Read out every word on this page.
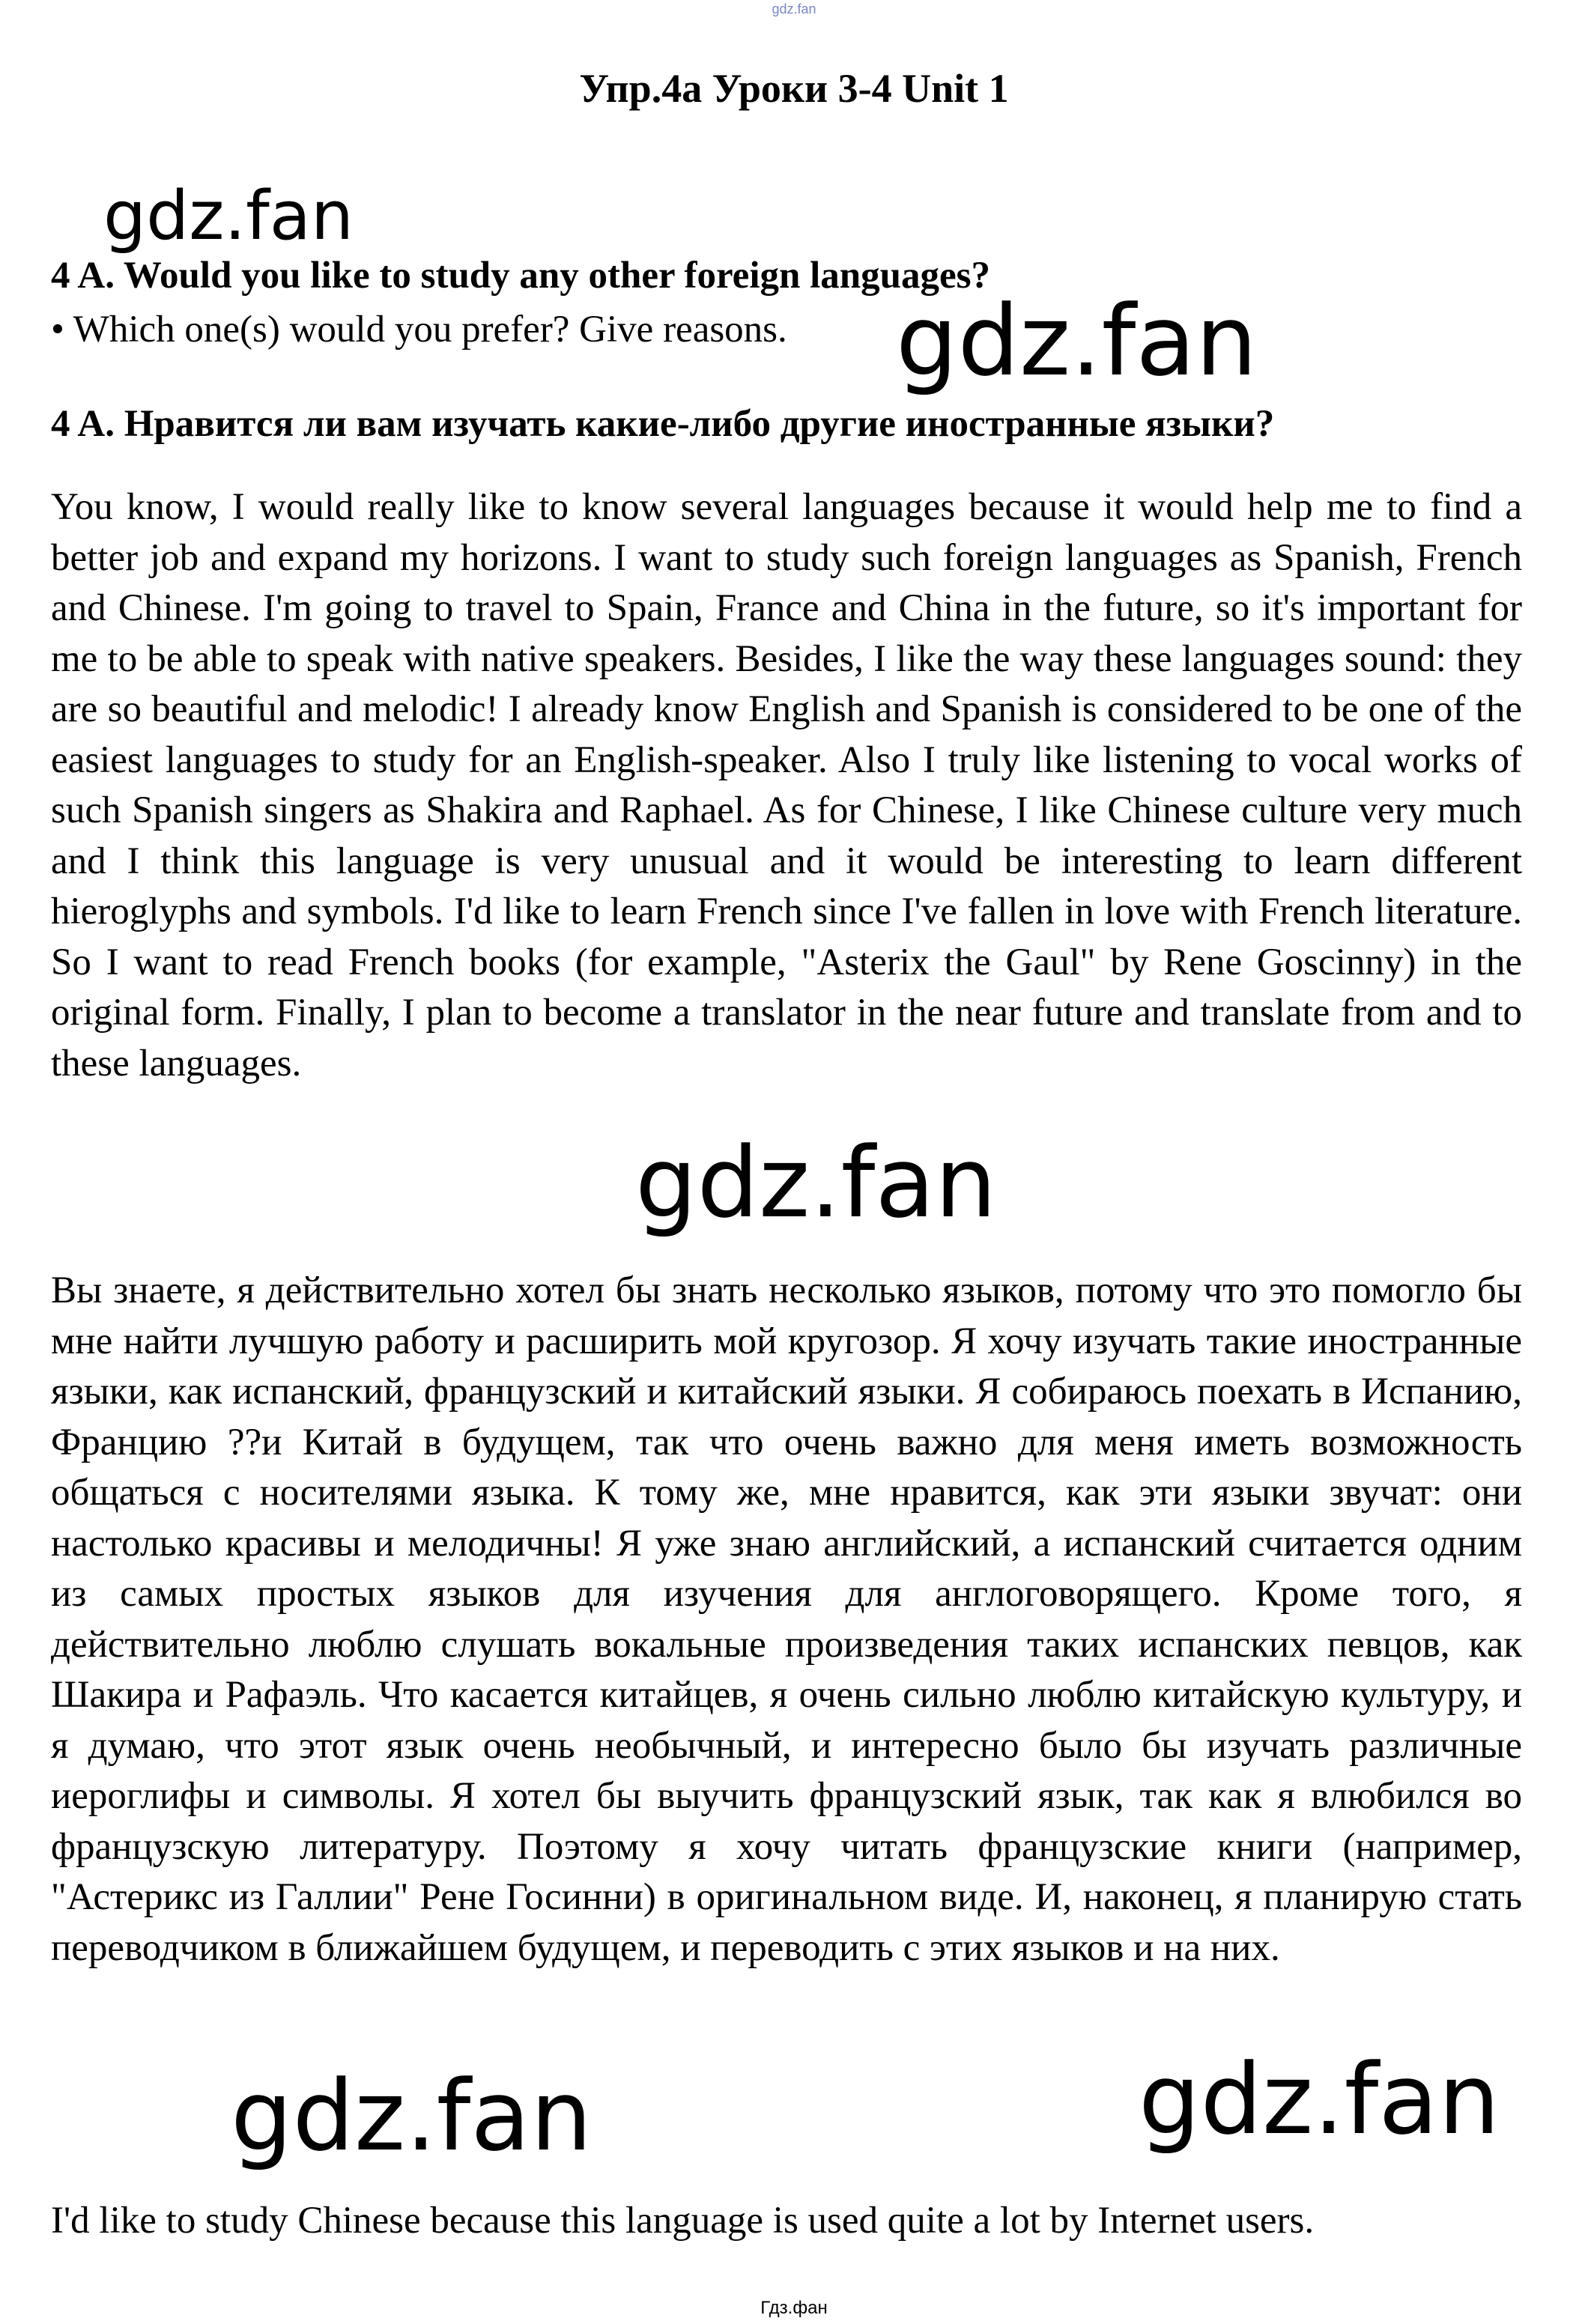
gdz.fan
Упр.4а Уроки 3-4 Unit 1
4 A. Would you like to study any other foreign languages?
• Which one(s) would you prefer? Give reasons.
4 A. Нравится ли вам изучать какие-либо другие иностранные языки?

You know, I would really like to know several languages because it would help me to find a better job and expand my horizons. I want to study such foreign languages as Spanish, French and Chinese. I'm going to travel to Spain, France and China in the future, so it's important for me to be able to speak with native speakers. Besides, I like the way these languages sound: they are so beautiful and melodic! I already know English and Spanish is considered to be one of the easiest languages to study for an English-speaker. Also I truly like listening to vocal works of such Spanish singers as Shakira and Raphael. As for Chinese, I like Chinese culture very much and I think this language is very unusual and it would be interesting to learn different hieroglyphs and symbols. I'd like to learn French since I've fallen in love with French literature. So I want to read French books (for example, "Asterix the Gaul" by Rene Goscinny) in the original form. Finally, I plan to become a translator in the near future and translate from and to these languages.

Вы знаете, я действительно хотел бы знать несколько языков, потому что это помогло бы мне найти лучшую работу и расширить мой кругозор. Я хочу изучать такие иностранные языки, как испанский, французский и китайский языки. Я собираюсь поехать в Испанию, Францию ??и Китай в будущем, так что очень важно для меня иметь возможность общаться с носителями языка. К тому же, мне нравится, как эти языки звучат: они настолько красивы и мелодичны! Я уже знаю английский, а испанский считается одним из самых простых языков для изучения для англоговорящего. Кроме того, я действительно люблю слушать вокальные произведения таких испанских певцов, как Шакира и Рафаэль. Что касается китайцев, я очень сильно люблю китайскую культуру, и я думаю, что этот язык очень необычный, и интересно было бы изучать различные иероглифы и символы. Я хотел бы выучить французский язык, так как я влюбился во французскую литературу. Поэтому я хочу читать французские книги (например, "Астерикс из Галлии" Рене Госинни) в оригинальном виде. И, наконец, я планирую стать переводчиком в ближайшем будущем, и переводить с этих языков и на них.

I'd like to study Chinese because this language is used quite a lot by Internet users.

gdz.fan
gdz.fan
gdz.fan
gdz.fan	gdz.fan
Гдз.фан
